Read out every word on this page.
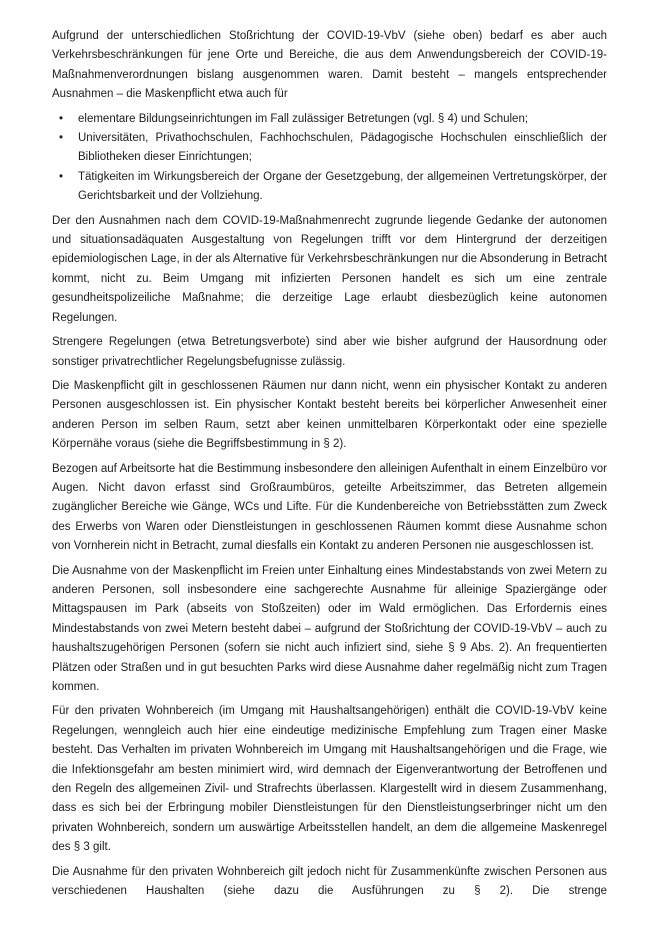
Aufgrund der unterschiedlichen Stoßrichtung der COVID-19-VbV (siehe oben) bedarf es aber auch Verkehrsbeschränkungen für jene Orte und Bereiche, die aus dem Anwendungsbereich der COVID-19-Maßnahmenverordnungen bislang ausgenommen waren. Damit besteht – mangels entsprechender Ausnahmen – die Maskenpflicht etwa auch für

• elementare Bildungseinrichtungen im Fall zulässiger Betretungen (vgl. § 4) und Schulen;
• Universitäten, Privathochschulen, Fachhochschulen, Pädagogische Hochschulen einschließlich der Bibliotheken dieser Einrichtungen;
• Tätigkeiten im Wirkungsbereich der Organe der Gesetzgebung, der allgemeinen Vertretungskörper, der Gerichtsbarkeit und der Vollziehung.

Der den Ausnahmen nach dem COVID-19-Maßnahmenrecht zugrunde liegende Gedanke der autonomen und situationsadäquaten Ausgestaltung von Regelungen trifft vor dem Hintergrund der derzeitigen epidemiologischen Lage, in der als Alternative für Verkehrsbeschränkungen nur die Absonderung in Betracht kommt, nicht zu. Beim Umgang mit infizierten Personen handelt es sich um eine zentrale gesundheitspolizeiliche Maßnahme; die derzeitige Lage erlaubt diesbezüglich keine autonomen Regelungen.

Strengere Regelungen (etwa Betretungsverbote) sind aber wie bisher aufgrund der Hausordnung oder sonstiger privatrechtlicher Regelungsbefugnisse zulässig.

Die Maskenpflicht gilt in geschlossenen Räumen nur dann nicht, wenn ein physischer Kontakt zu anderen Personen ausgeschlossen ist. Ein physischer Kontakt besteht bereits bei körperlicher Anwesenheit einer anderen Person im selben Raum, setzt aber keinen unmittelbaren Körperkontakt oder eine spezielle Körpernähe voraus (siehe die Begriffsbestimmung in § 2).

Bezogen auf Arbeitsorte hat die Bestimmung insbesondere den alleinigen Aufenthalt in einem Einzelbüro vor Augen. Nicht davon erfasst sind Großraumbüros, geteilte Arbeitszimmer, das Betreten allgemein zugänglicher Bereiche wie Gänge, WCs und Lifte. Für die Kundenbereiche von Betriebsstätten zum Zweck des Erwerbs von Waren oder Dienstleistungen in geschlossenen Räumen kommt diese Ausnahme schon von Vornherein nicht in Betracht, zumal diesfalls ein Kontakt zu anderen Personen nie ausgeschlossen ist.

Die Ausnahme von der Maskenpflicht im Freien unter Einhaltung eines Mindestabstands von zwei Metern zu anderen Personen, soll insbesondere eine sachgerechte Ausnahme für alleinige Spaziergänge oder Mittagspausen im Park (abseits von Stoßzeiten) oder im Wald ermöglichen. Das Erfordernis eines Mindestabstands von zwei Metern besteht dabei – aufgrund der Stoßrichtung der COVID-19-VbV – auch zu haushaltszugehörigen Personen (sofern sie nicht auch infiziert sind, siehe § 9 Abs. 2). An frequentierten Plätzen oder Straßen und in gut besuchten Parks wird diese Ausnahme daher regelmäßig nicht zum Tragen kommen.

Für den privaten Wohnbereich (im Umgang mit Haushaltsangehörigen) enthält die COVID-19-VbV keine Regelungen, wenngleich auch hier eine eindeutige medizinische Empfehlung zum Tragen einer Maske besteht. Das Verhalten im privaten Wohnbereich im Umgang mit Haushaltsangehörigen und die Frage, wie die Infektionsgefahr am besten minimiert wird, wird demnach der Eigenverantwortung der Betroffenen und den Regeln des allgemeinen Zivil- und Strafrechts überlassen. Klargestellt wird in diesem Zusammenhang, dass es sich bei der Erbringung mobiler Dienstleistungen für den Dienstleistungserbringer nicht um den privaten Wohnbereich, sondern um auswärtige Arbeitsstellen handelt, an dem die allgemeine Maskenregel des § 3 gilt.

Die Ausnahme für den privaten Wohnbereich gilt jedoch nicht für Zusammenkünfte zwischen Personen aus verschiedenen Haushalten (siehe dazu die Ausführungen zu § 2). Die strenge
